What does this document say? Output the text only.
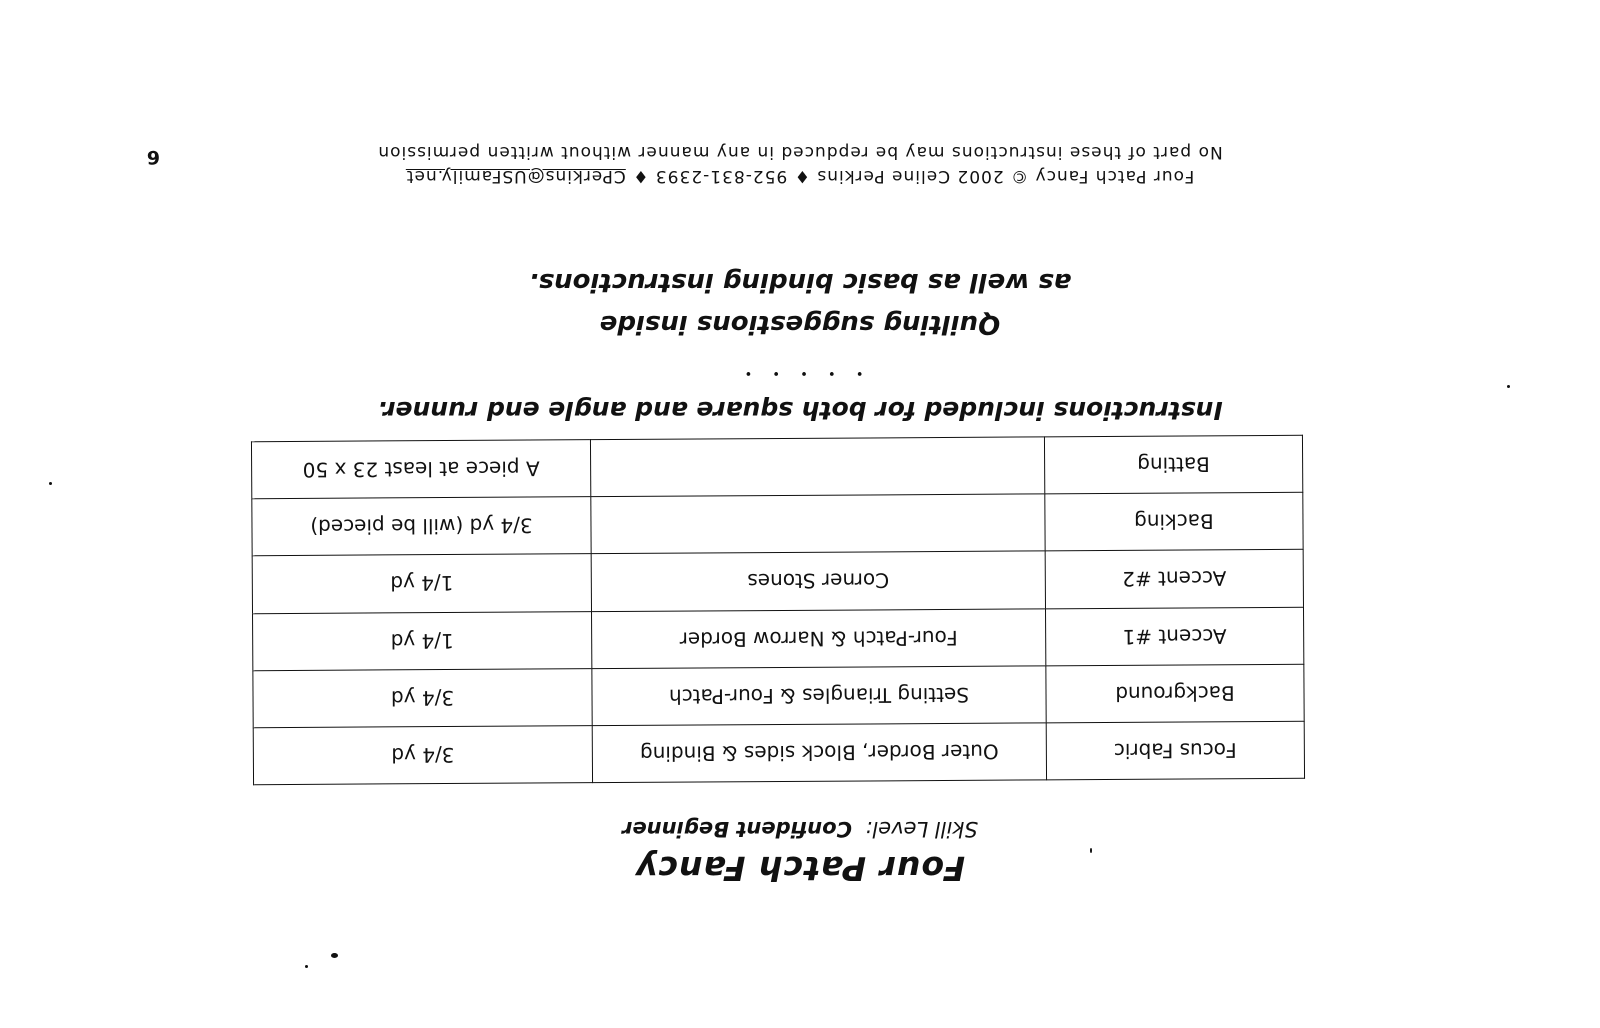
Four Patch Fancy
Skill Level:  Confident Beginner
Focus Fabric	Outer Border, Block sides & Binding	3/4 yd
Background	Setting Triangles & Four-Patch	3/4 yd
Accent #1	Four-Patch & Narrow Border	1/4 yd
Accent #2	Corner Stones	1/4 yd
Backing		3/4 yd (will be pieced)
Batting		A piece at least 23 x 50
Instructions included for both square and angle end runner.
• • • • •
Quilting suggestions inside
as well as basic binding instructions.
Four Patch Fancy © 2002 Celine Perkins ♦ 952-831-2393 ♦ CPerkins@USFamily.net
No part of these instructions may be repduced in any manner without written permission
6
